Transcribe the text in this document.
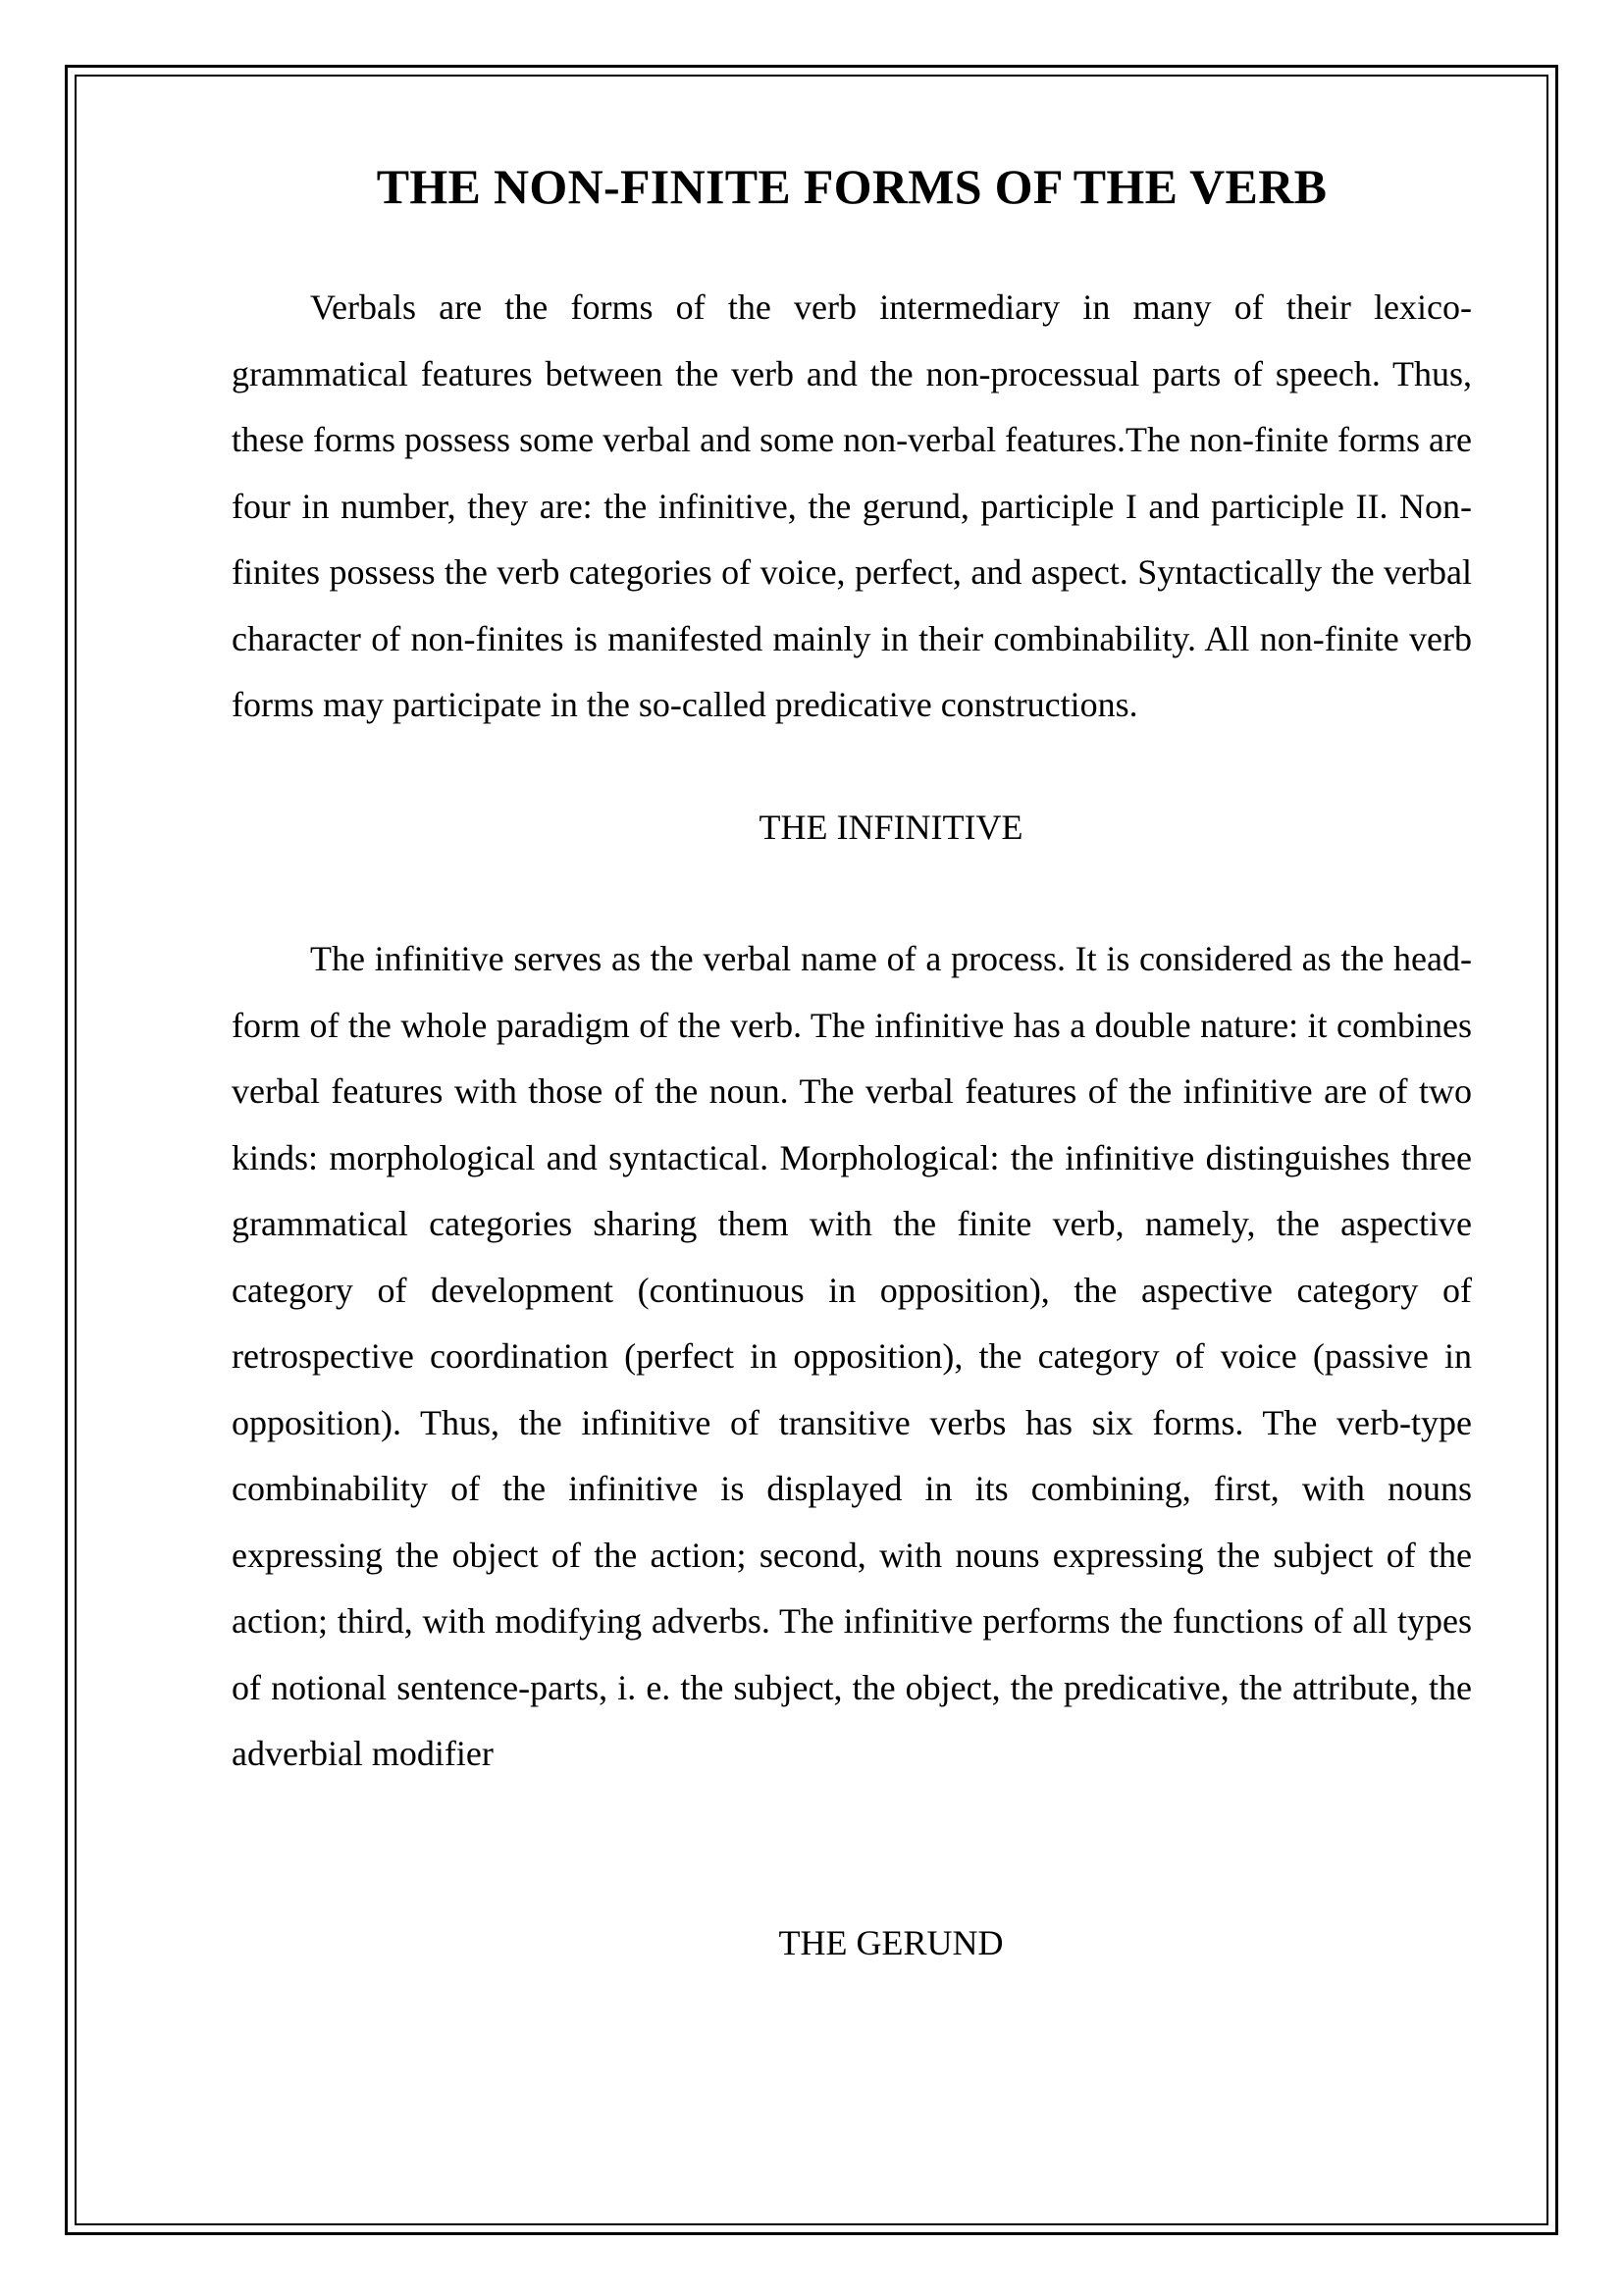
THE NON-FINITE FORMS OF THE VERB

Verbals are the forms of the verb intermediary in many of their lexico-grammatical features between the verb and the non-processual parts of speech. Thus, these forms possess some verbal and some non-verbal features.The non-finite forms are four in number, they are: the infinitive, the gerund, participle I and participle II. Non-finites possess the verb categories of voice, perfect, and aspect. Syntactically the verbal character of non-finites is manifested mainly in their combinability. All non-finite verb forms may participate in the so-called predicative constructions.

THE INFINITIVE

The infinitive serves as the verbal name of a process. It is considered as the head-form of the whole paradigm of the verb. The infinitive has a double nature: it combines verbal features with those of the noun. The verbal features of the infinitive are of two kinds: morphological and syntactical. Morphological: the infinitive distinguishes three grammatical categories sharing them with the finite verb, namely, the aspective category of development (continuous in opposition), the aspective category of retrospective coordination (perfect in opposition), the category of voice (passive in opposition). Thus, the infinitive of transitive verbs has six forms. The verb-type combinability of the infinitive is displayed in its combining, first, with nouns expressing the object of the action; second, with nouns expressing the subject of the action; third, with modifying adverbs. The infinitive performs the functions of all types of notional sentence-parts, i. e. the subject, the object, the predicative, the attribute, the adverbial modifier

THE GERUND
